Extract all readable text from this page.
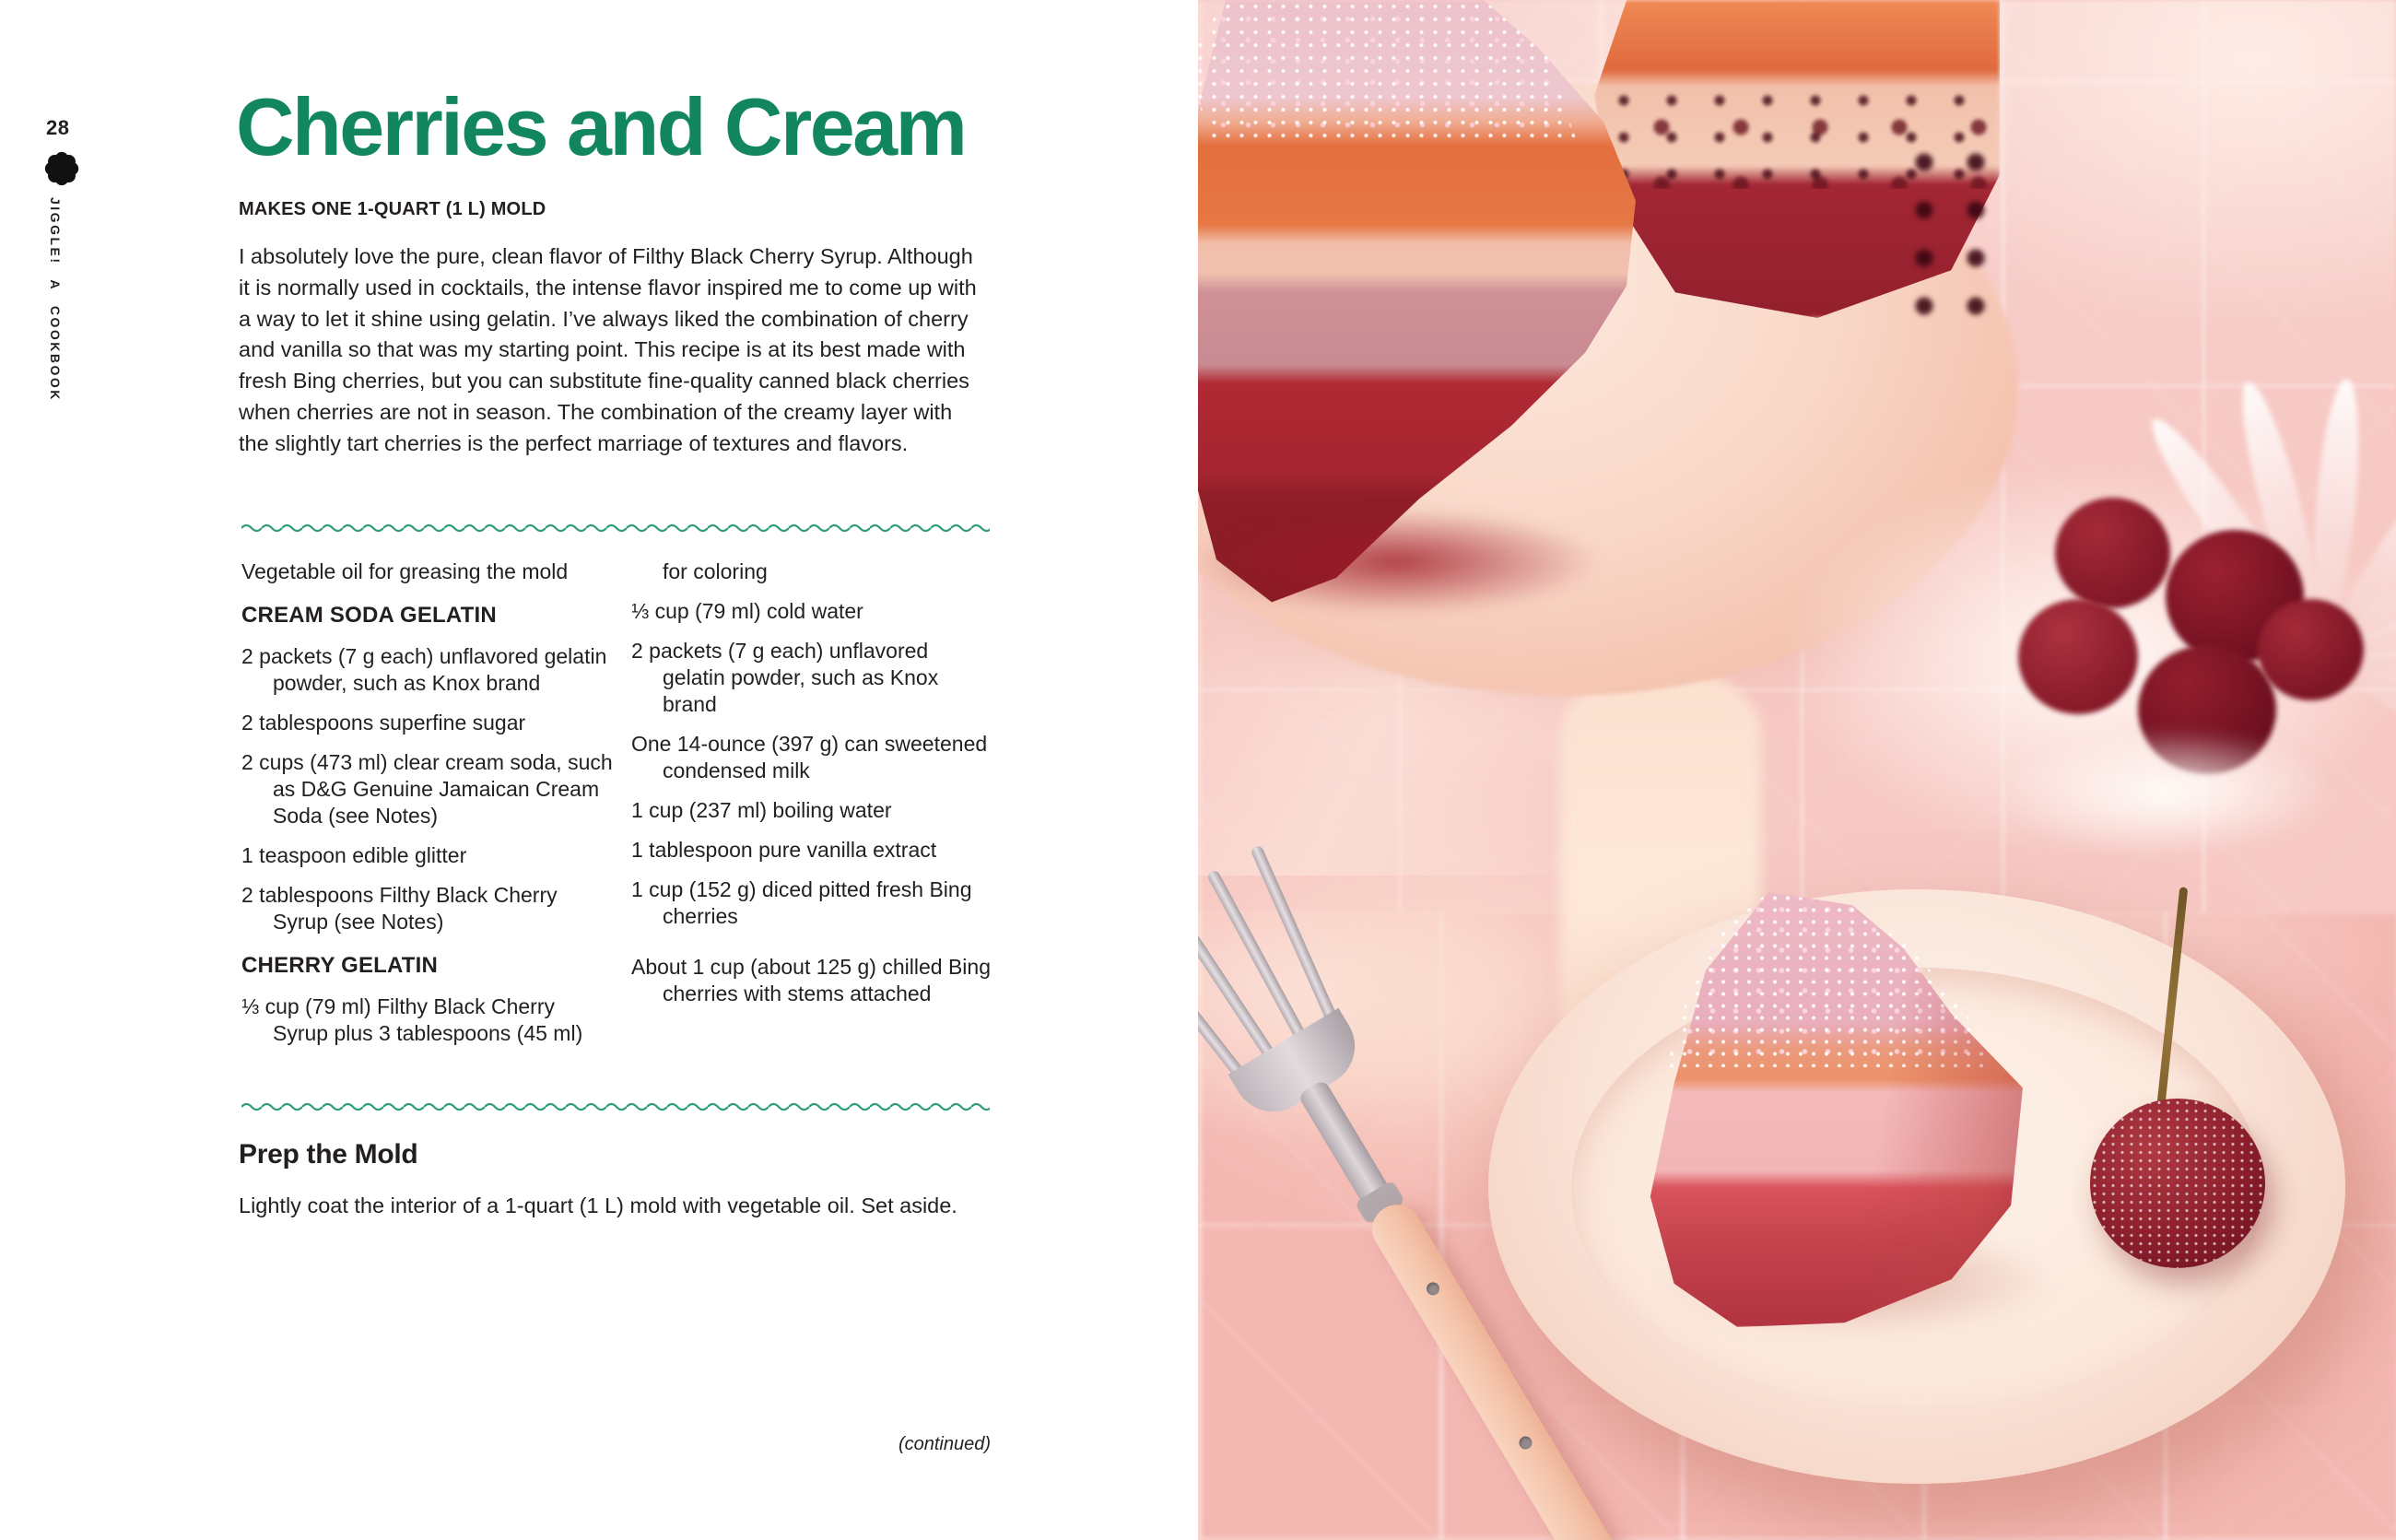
28
JIGGLE! A COOKBOOK
Cherries and Cream
MAKES ONE 1-QUART (1 L) MOLD

I absolutely love the pure, clean flavor of Filthy Black Cherry Syrup. Although it is normally used in cocktails, the intense flavor inspired me to come up with a way to let it shine using gelatin. I’ve always liked the combination of cherry and vanilla so that was my starting point. This recipe is at its best made with fresh Bing cherries, but you can substitute fine-quality canned black cherries when cherries are not in season. The combination of the creamy layer with the slightly tart cherries is the perfect marriage of textures and flavors.

Vegetable oil for greasing the mold

CREAM SODA GELATIN

2 packets (7 g each) unflavored gelatin powder, such as Knox brand

2 tablespoons superfine sugar

2 cups (473 ml) clear cream soda, such as D&G Genuine Jamaican Cream Soda (see Notes)

1 teaspoon edible glitter

2 tablespoons Filthy Black Cherry Syrup (see Notes)

CHERRY GELATIN

⅓ cup (79 ml) Filthy Black Cherry Syrup plus 3 tablespoons (45 ml)

for coloring

⅓ cup (79 ml) cold water

2 packets (7 g each) unflavored gelatin powder, such as Knox brand

One 14-ounce (397 g) can sweetened condensed milk

1 cup (237 ml) boiling water

1 tablespoon pure vanilla extract

1 cup (152 g) diced pitted fresh Bing cherries

About 1 cup (about 125 g) chilled Bing cherries with stems attached

Prep the Mold

Lightly coat the interior of a 1-quart (1 L) mold with vegetable oil. Set aside.

(continued)
